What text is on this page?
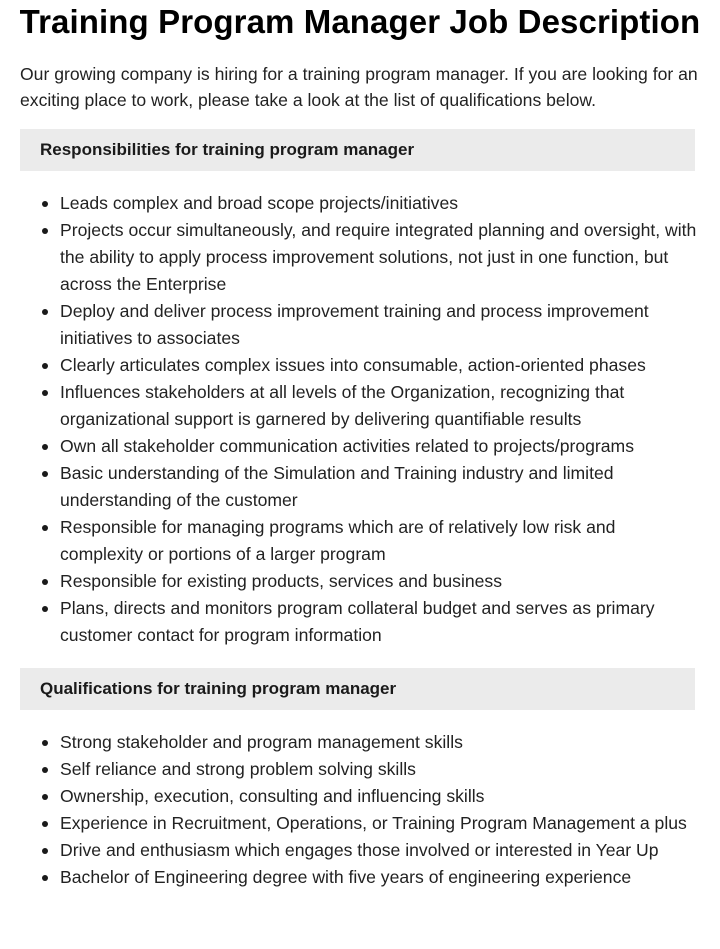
Training Program Manager Job Description

Our growing company is hiring for a training program manager. If you are looking for an exciting place to work, please take a look at the list of qualifications below.

Responsibilities for training program manager
Leads complex and broad scope projects/initiatives
Projects occur simultaneously, and require integrated planning and oversight, with the ability to apply process improvement solutions, not just in one function, but across the Enterprise
Deploy and deliver process improvement training and process improvement initiatives to associates
Clearly articulates complex issues into consumable, action-oriented phases
Influences stakeholders at all levels of the Organization, recognizing that organizational support is garnered by delivering quantifiable results
Own all stakeholder communication activities related to projects/programs
Basic understanding of the Simulation and Training industry and limited understanding of the customer
Responsible for managing programs which are of relatively low risk and complexity or portions of a larger program
Responsible for existing products, services and business
Plans, directs and monitors program collateral budget and serves as primary customer contact for program information
Qualifications for training program manager
Strong stakeholder and program management skills
Self reliance and strong problem solving skills
Ownership, execution, consulting and influencing skills
Experience in Recruitment, Operations, or Training Program Management a plus
Drive and enthusiasm which engages those involved or interested in Year Up
Bachelor of Engineering degree with five years of engineering experience
